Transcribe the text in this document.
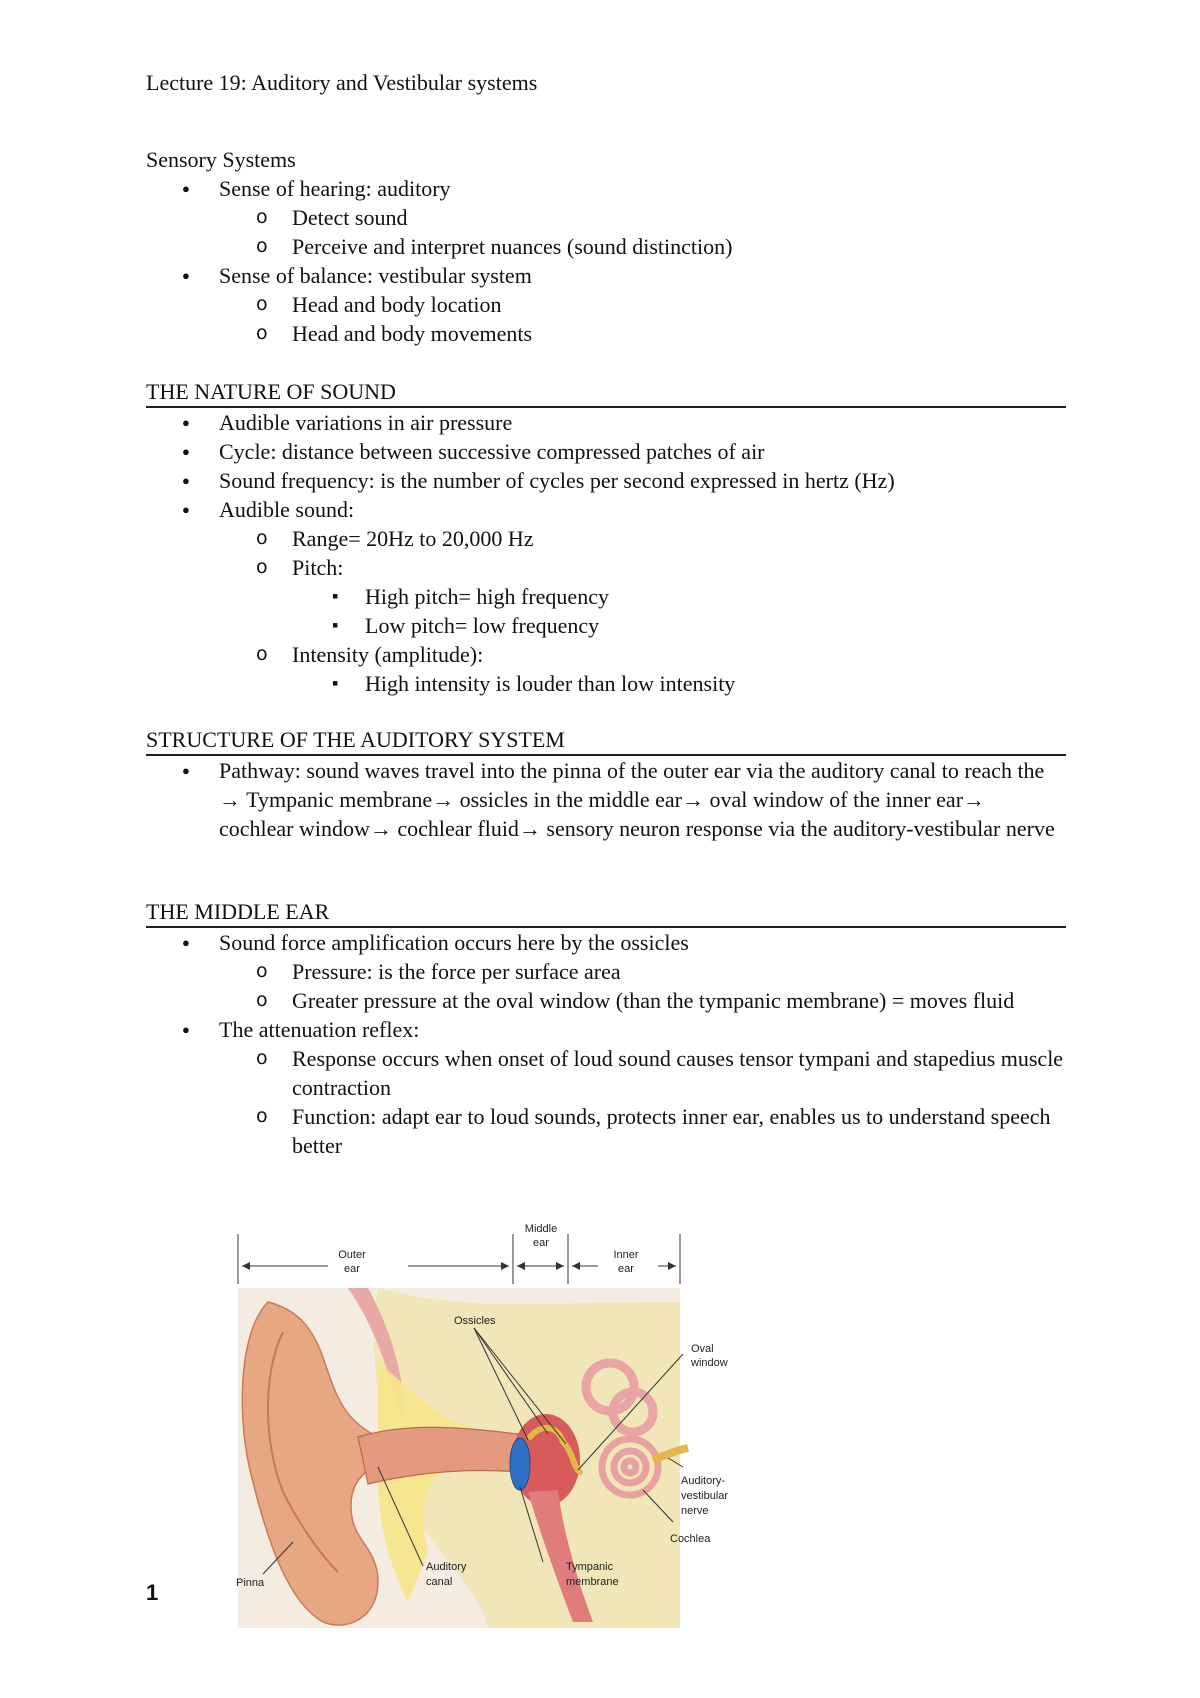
Lecture 19: Auditory and Vestibular systems
Sensory Systems
● Sense of hearing: auditory
o Detect sound
o Perceive and interpret nuances (sound distinction)
● Sense of balance: vestibular system
o Head and body location
o Head and body movements
THE NATURE OF SOUND
● Audible variations in air pressure
● Cycle: distance between successive compressed patches of air
● Sound frequency: is the number of cycles per second expressed in hertz (Hz)
● Audible sound:
o Range= 20Hz to 20,000 Hz
o Pitch:
▪ High pitch= high frequency
▪ Low pitch= low frequency
o Intensity (amplitude):
▪ High intensity is louder than low intensity
STRUCTURE OF THE AUDITORY SYSTEM
● Pathway: sound waves travel into the pinna of the outer ear via the auditory canal to reach the → Tympanic membrane→ ossicles in the middle ear→ oval window of the inner ear→ cochlear window→ cochlear fluid→ sensory neuron response via the auditory-vestibular nerve
THE MIDDLE EAR
● Sound force amplification occurs here by the ossicles
o Pressure: is the force per surface area
o Greater pressure at the oval window (than the tympanic membrane) = moves fluid
● The attenuation reflex:
o Response occurs when onset of loud sound causes tensor tympani and stapedius muscle contraction
o Function: adapt ear to loud sounds, protects inner ear, enables us to understand speech better
Outer
ear
Middle
ear
Inner
ear
Ossicles
Oval
window
Auditory-
vestibular
nerve
Cochlea
Pinna
Auditory
canal
Tympanic
membrane
1
